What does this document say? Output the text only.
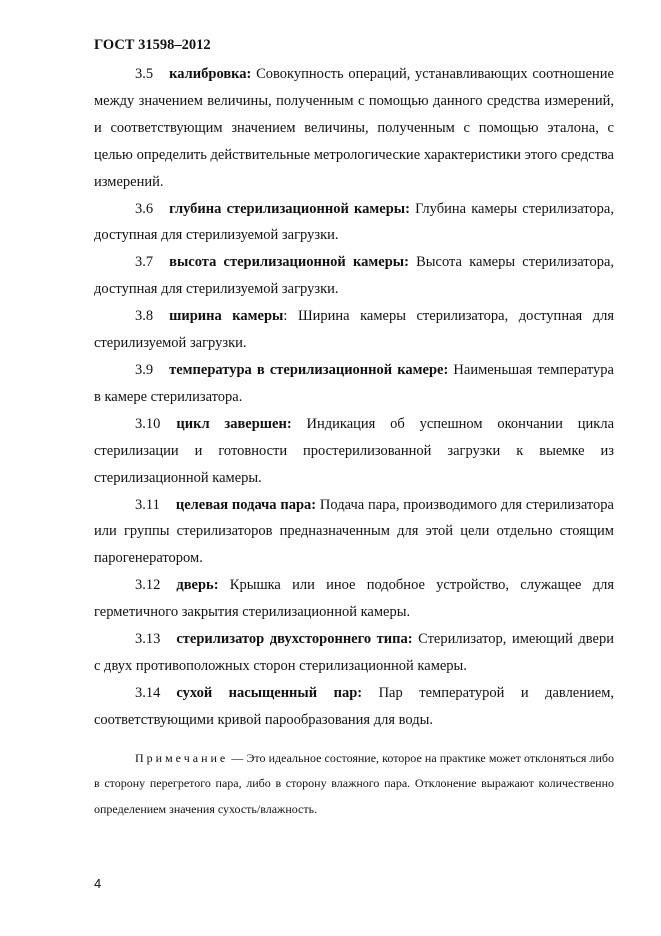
ГОСТ 31598–2012

3.5 калибровка: Совокупность операций, устанавливающих соотношение между значением величины, полученным с помощью данного средства измерений, и соответствующим значением величины, полученным с помощью эталона, с целью определить действительные метрологические характеристики этого средства измерений.

3.6 глубина стерилизационной камеры: Глубина камеры стерилизатора, доступная для стерилизуемой загрузки.

3.7 высота стерилизационной камеры: Высота камеры стерилизатора, доступная для стерилизуемой загрузки.

3.8 ширина камеры: Ширина камеры стерилизатора, доступная для стерилизуемой загрузки.

3.9 температура в стерилизационной камере: Наименьшая температура в камере стерилизатора.

3.10 цикл завершен: Индикация об успешном окончании цикла стерилизации и готовности простерилизованной загрузки к выемке из стерилизационной камеры.

3.11 целевая подача пара: Подача пара, производимого для стерилизатора или группы стерилизаторов предназначенным для этой цели отдельно стоящим парогенератором.

3.12 дверь: Крышка или иное подобное устройство, служащее для герметичного закрытия стерилизационной камеры.

3.13 стерилизатор двухстороннего типа: Стерилизатор, имеющий двери с двух противоположных сторон стерилизационной камеры.

3.14 сухой насыщенный пар: Пар температурой и давлением, соответствующими кривой парообразования для воды.

Примечание — Это идеальное состояние, которое на практике может отклоняться либо в сторону перегретого пара, либо в сторону влажного пара. Отклонение выражают количественно определением значения сухость/влажность.

4
